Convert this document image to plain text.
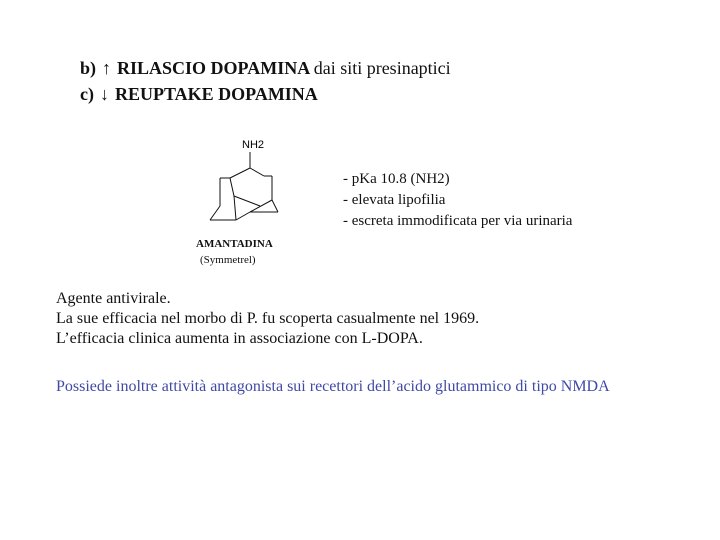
b) ↑ RILASCIO DOPAMINA dai siti presinaptici
c) ↓ REUPTAKE DOPAMINA
NH2
AMANTADINA
(Symmetrel)
- pKa 10.8 (NH2)
- elevata lipofilia
- escreta immodificata per via urinaria
Agente antivirale.
La sue efficacia nel morbo di P. fu scoperta casualmente nel 1969.
L’efficacia clinica aumenta in associazione con L-DOPA.
Possiede inoltre attività antagonista sui recettori dell’acido glutammico di tipo NMDA
